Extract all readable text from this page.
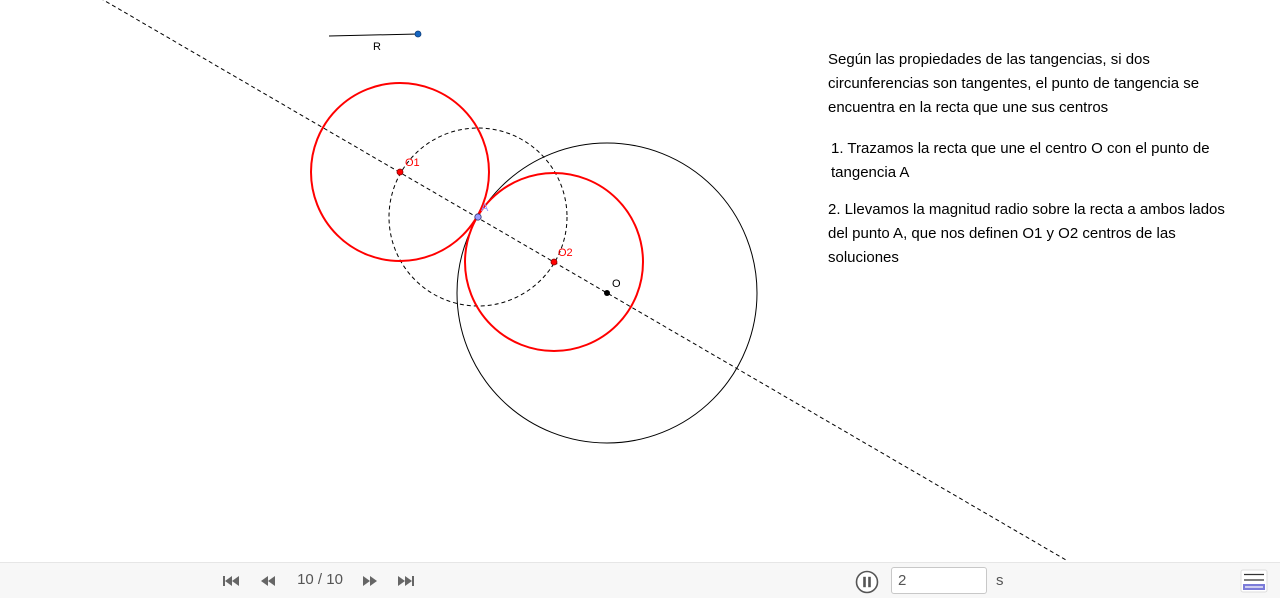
R
O1
O2
O
A

Según las propiedades de las tangencias, si dos circunferencias son tangentes, el punto de tangencia se encuentra en la recta que une sus centros

1. Trazamos la recta que une el centro O con el punto de tangencia A

2. Llevamos la magnitud radio sobre la recta a ambos lados del punto A, que nos definen O1 y O2 centros de las soluciones

10 / 10
2	s
